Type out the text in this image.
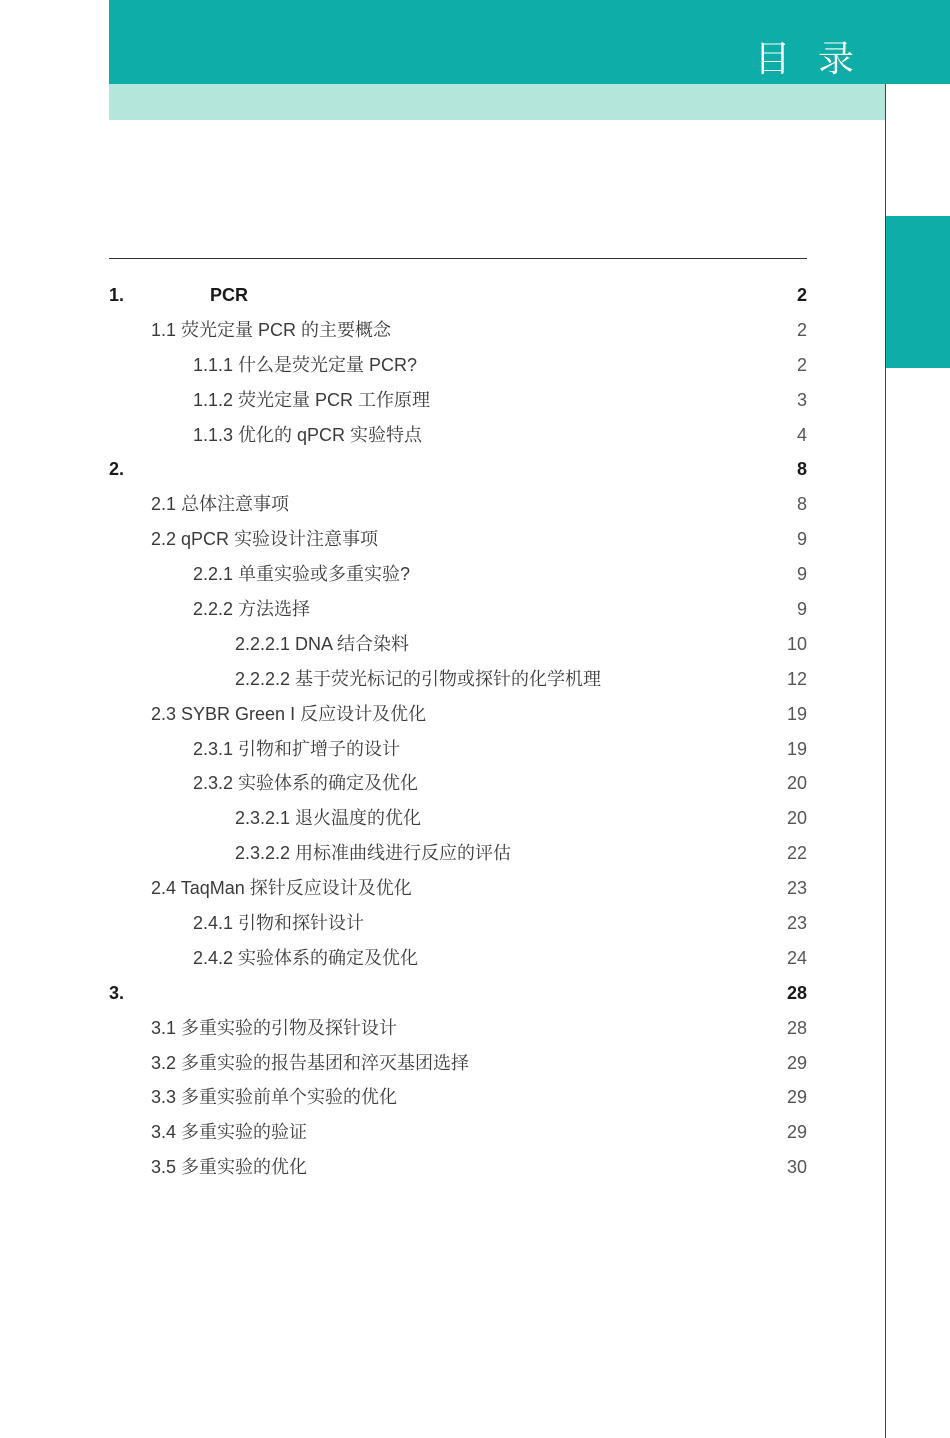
目 录
1.	PCR	2
1.1 荧光定量 PCR 的主要概念	2
1.1.1 什么是荧光定量 PCR?	2
1.1.2 荧光定量 PCR 工作原理	3
1.1.3 优化的 qPCR 实验特点	4
2.	8
2.1 总体注意事项	8
2.2 qPCR 实验设计注意事项	9
2.2.1 单重实验或多重实验?	9
2.2.2 方法选择	9
2.2.2.1 DNA 结合染料	10
2.2.2.2 基于荧光标记的引物或探针的化学机理	12
2.3 SYBR Green I 反应设计及优化	19
2.3.1 引物和扩增子的设计	19
2.3.2 实验体系的确定及优化	20
2.3.2.1 退火温度的优化	20
2.3.2.2 用标准曲线进行反应的评估	22
2.4 TaqMan 探针反应设计及优化	23
2.4.1 引物和探针设计	23
2.4.2 实验体系的确定及优化	24
3.	28
3.1 多重实验的引物及探针设计	28
3.2 多重实验的报告基团和淬灭基团选择	29
3.3 多重实验前单个实验的优化	29
3.4 多重实验的验证	29
3.5 多重实验的优化	30
